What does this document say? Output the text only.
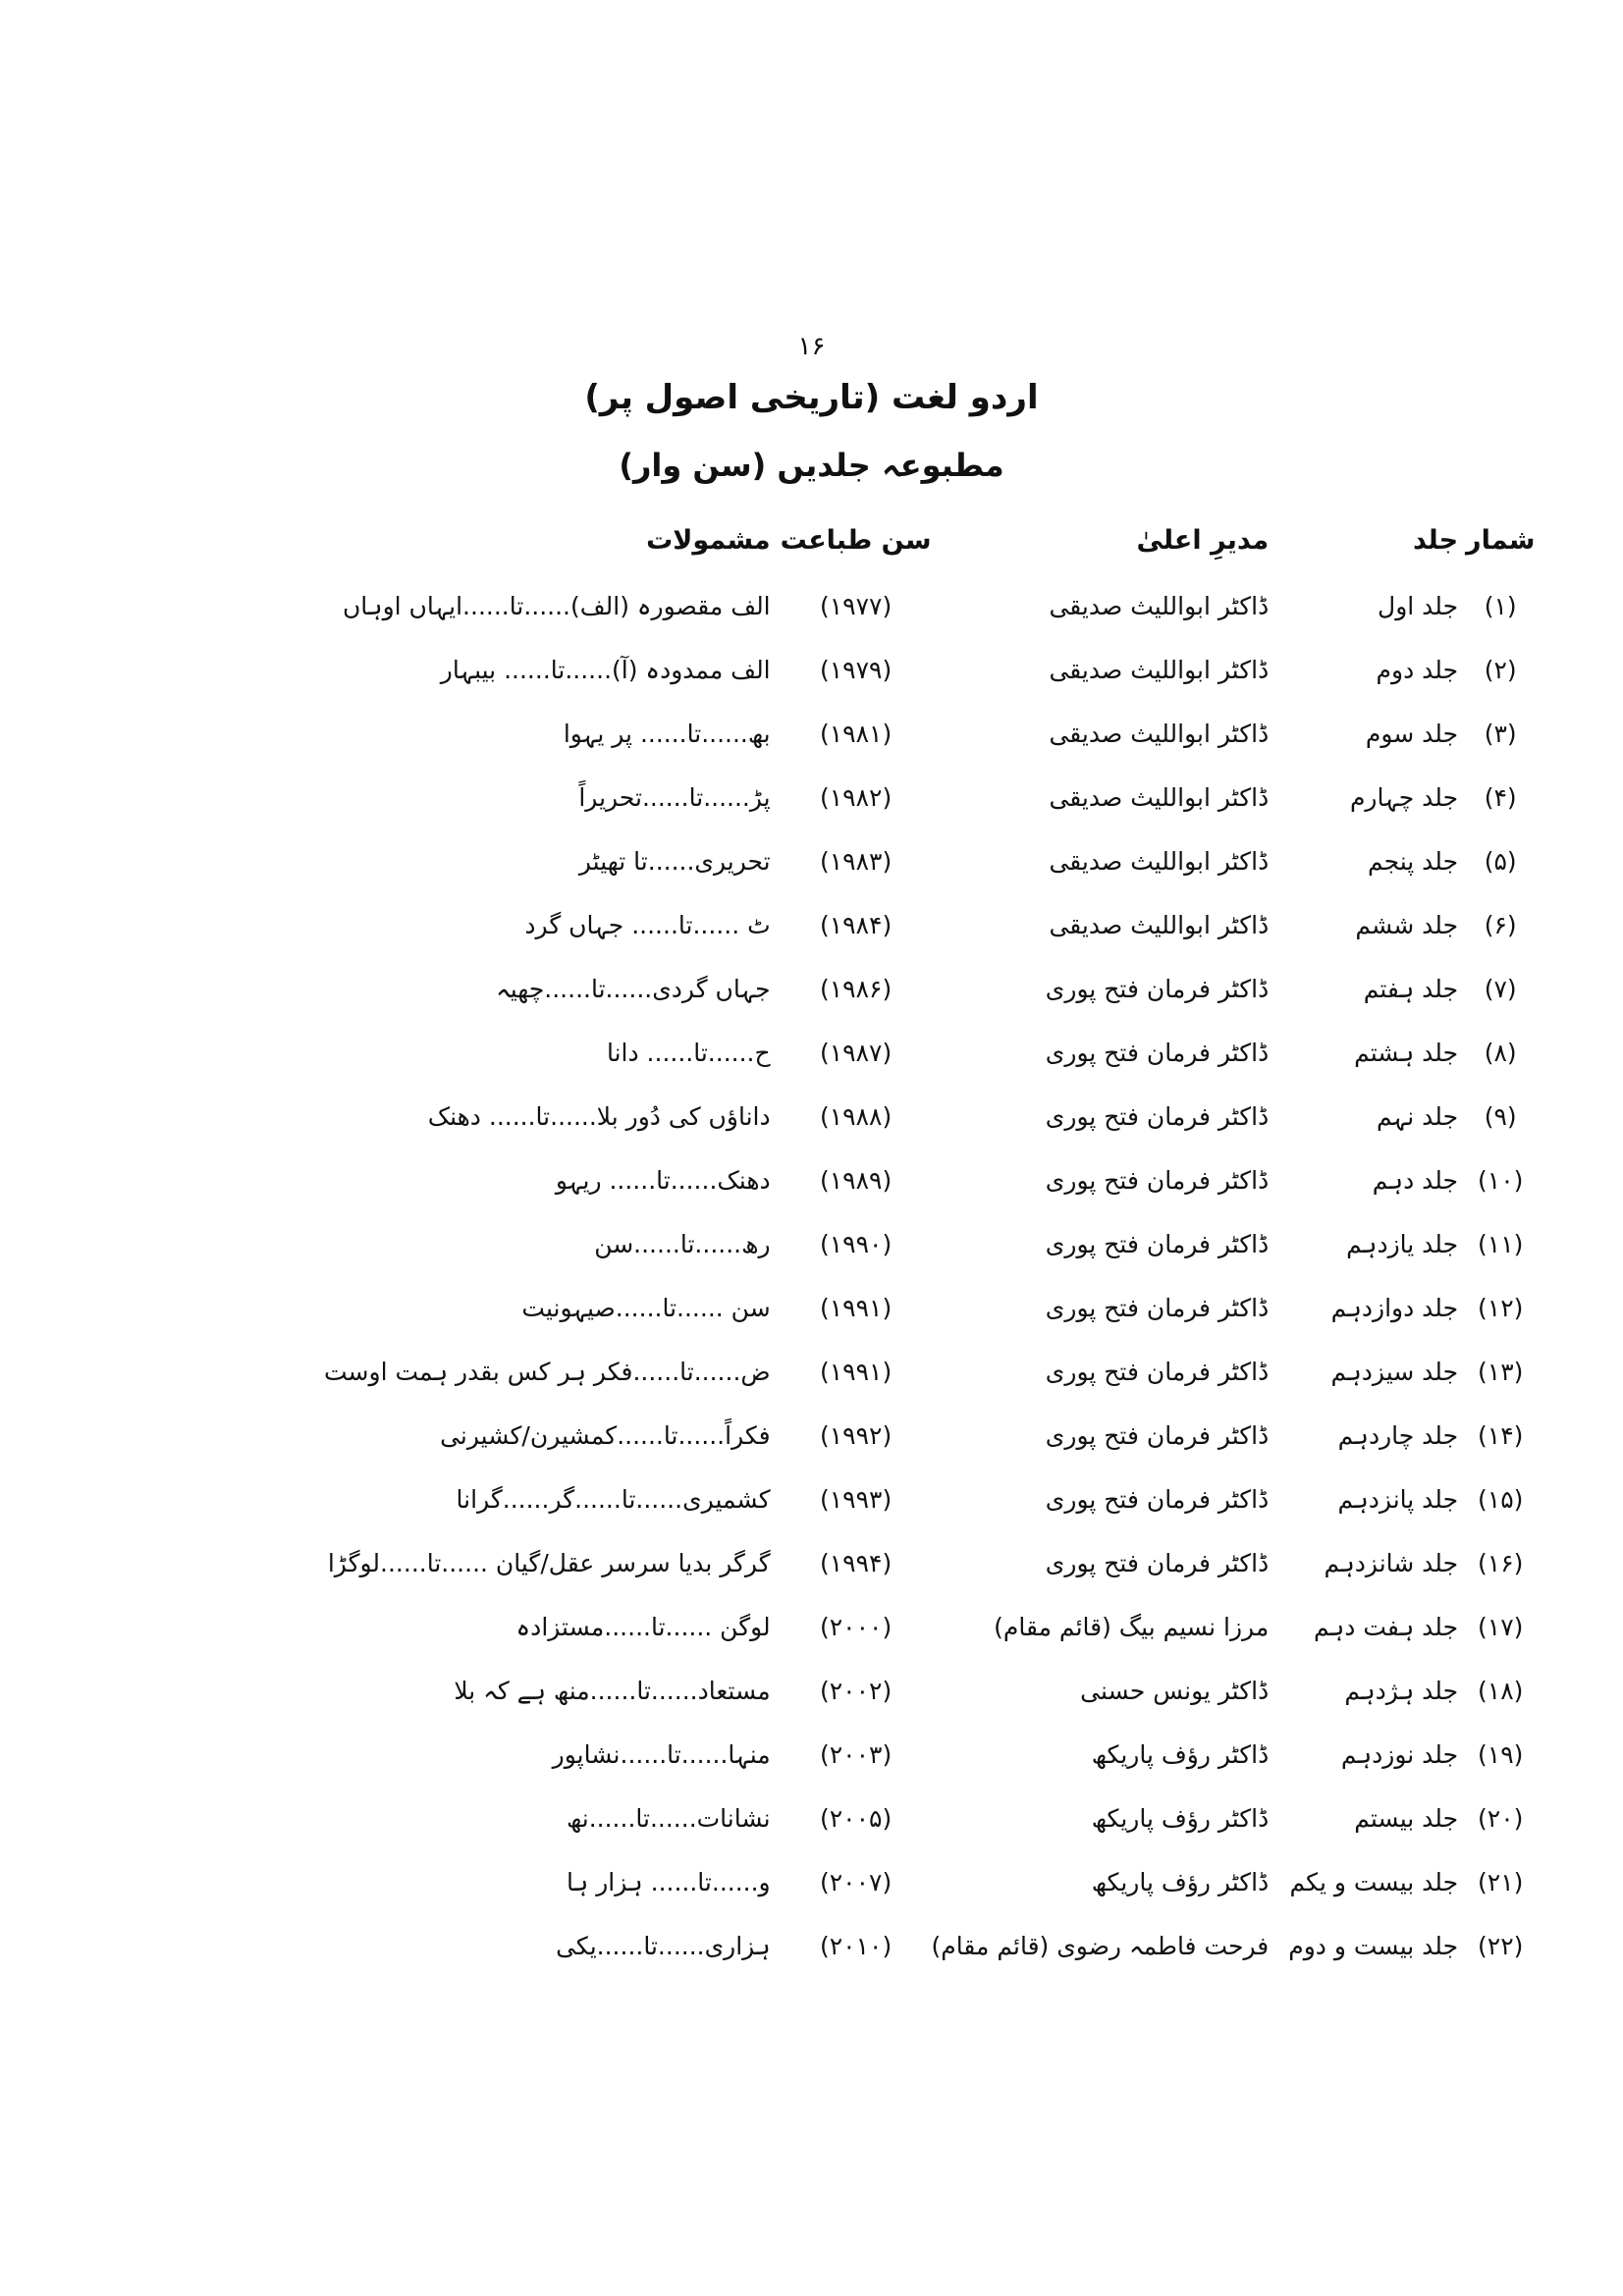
۱۶
اردو لغت (تاریخی اصول پر)
مطبوعہ جلدیں (سن وار)
شمار	جلد	مدیرِ اعلیٰ	سن طباعت	مشمولات
(۱)	جلد اول	ڈاکٹر ابواللیث صدیقی	(۱۹۷۷)	الف مقصورہ (الف)......تا......ایہاں اوہاں
(۲)	جلد دوم	ڈاکٹر ابواللیث صدیقی	(۱۹۷۹)	الف ممدودہ (آ)......تا...... بیبہار
(۳)	جلد سوم	ڈاکٹر ابواللیث صدیقی	(۱۹۸۱)	بھ......تا...... پر یہوا
(۴)	جلد چہارم	ڈاکٹر ابواللیث صدیقی	(۱۹۸۲)	پڑ......تا......تحریراً
(۵)	جلد پنجم	ڈاکٹر ابواللیث صدیقی	(۱۹۸۳)	تحریری......تا تھیٹر
(۶)	جلد ششم	ڈاکٹر ابواللیث صدیقی	(۱۹۸۴)	ٹ ......تا...... جہاں گرد
(۷)	جلد ہفتم	ڈاکٹر فرمان فتح پوری	(۱۹۸۶)	جہاں گردی......تا......چھیہ
(۸)	جلد ہشتم	ڈاکٹر فرمان فتح پوری	(۱۹۸۷)	ح......تا...... دانا
(۹)	جلد نہم	ڈاکٹر فرمان فتح پوری	(۱۹۸۸)	داناؤں کی دُور بلا......تا...... دھنک
(۱۰)	جلد دہم	ڈاکٹر فرمان فتح پوری	(۱۹۸۹)	دھنک......تا...... ریہو
(۱۱)	جلد یازدہم	ڈاکٹر فرمان فتح پوری	(۱۹۹۰)	رھ......تا......سن
(۱۲)	جلد دوازدہم	ڈاکٹر فرمان فتح پوری	(۱۹۹۱)	سن ......تا......صیہونیت
(۱۳)	جلد سیزدہم	ڈاکٹر فرمان فتح پوری	(۱۹۹۱)	ض......تا......فکر ہر کس بقدر ہمت اوست
(۱۴)	جلد چاردہم	ڈاکٹر فرمان فتح پوری	(۱۹۹۲)	فکراً......تا......کمشیرن/کشیرنی
(۱۵)	جلد پانزدہم	ڈاکٹر فرمان فتح پوری	(۱۹۹۳)	کشمیری......تا......گر......گرانا
(۱۶)	جلد شانزدہم	ڈاکٹر فرمان فتح پوری	(۱۹۹۴)	گرگر بدیا سرسر عقل/گیان ......تا......لوگڑا
(۱۷)	جلد ہفت دہم	مرزا نسیم بیگ (قائم مقام)	(۲۰۰۰)	لوگن ......تا......مستزادہ
(۱۸)	جلد ہژدہم	ڈاکٹر یونس حسنی	(۲۰۰۲)	مستعاد......تا......منھ ہے کہ بلا
(۱۹)	جلد نوزدہم	ڈاکٹر رؤف پاریکھ	(۲۰۰۳)	منہا......تا......نشاپور
(۲۰)	جلد بیستم	ڈاکٹر رؤف پاریکھ	(۲۰۰۵)	نشانات......تا......نھ
(۲۱)	جلد بیست و یکم	ڈاکٹر رؤف پاریکھ	(۲۰۰۷)	و......تا...... ہزار ہا
(۲۲)	جلد بیست و دوم	فرحت فاطمہ رضوی (قائم مقام)	(۲۰۱۰)	ہزاری......تا......یکی
